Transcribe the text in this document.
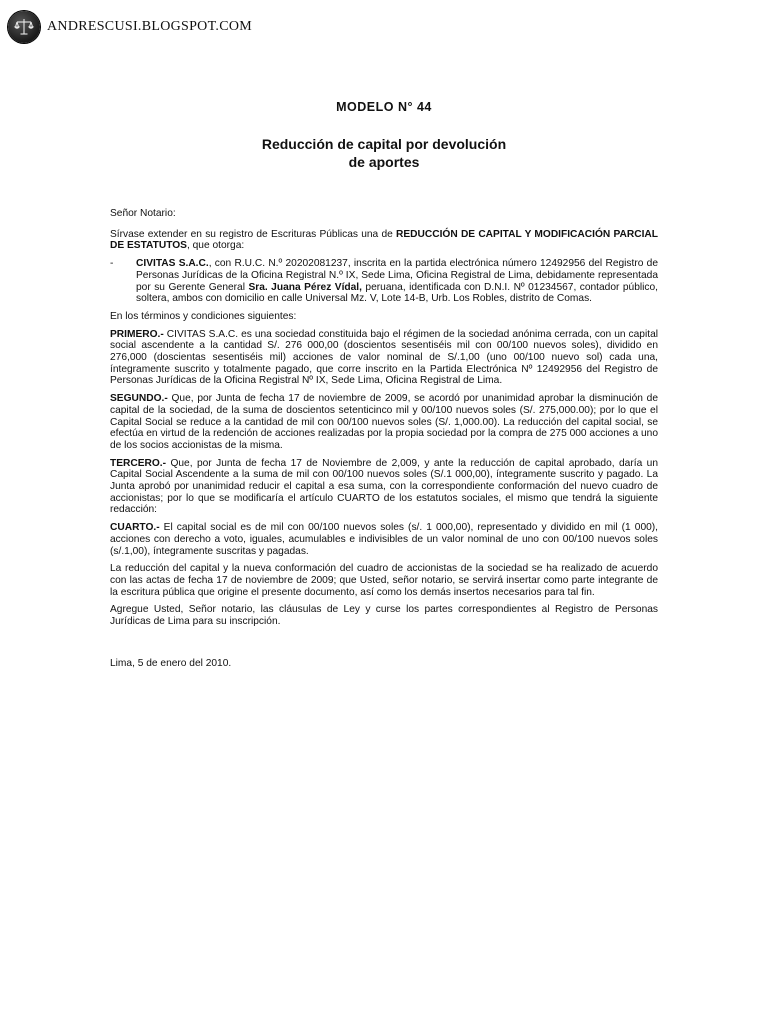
ANDRESCUSI.BLOGSPOT.COM
MODELO N° 44
Reducción de capital por devolución
de aportes

Señor Notario:

Sírvase extender en su registro de Escrituras Públicas una de REDUCCIÓN DE CAPITAL Y MODIFICACIÓN PARCIAL DE ESTATUTOS, que otorga:

-	CIVITAS S.A.C., con R.U.C. N.º 20202081237, inscrita en la partida electrónica número 12492956 del Registro de Personas Jurídicas de la Oficina Registral N.º IX, Sede Lima, Oficina Registral de Lima, debidamente representada por su Gerente General Sra. Juana Pérez Vídal, peruana, identificada con D.N.I. Nº 01234567, contador público, soltera, ambos con domicilio en calle Universal Mz. V, Lote 14-B, Urb. Los Robles, distrito de Comas.

En los términos y condiciones siguientes:

PRIMERO.- CIVITAS S.A.C. es una sociedad constituida bajo el régimen de la sociedad anónima cerrada, con un capital social ascendente a la cantidad S/. 276 000,00 (doscientos sesentiséis mil con 00/100 nuevos soles), dividido en 276,000 (doscientas sesentiséis mil) acciones de valor nominal de S/.1,00 (uno 00/100 nuevo sol) cada una, íntegramente suscrito y totalmente pagado, que corre inscrito en la Partida Electrónica Nº 12492956 del Registro de Personas Jurídicas de la Oficina Registral Nº IX, Sede Lima, Oficina Registral de Lima.

SEGUNDO.- Que, por Junta de fecha 17 de noviembre de 2009, se acordó por unanimidad aprobar la disminución de capital de la sociedad, de la suma de doscientos setenticinco mil y 00/100 nuevos soles (S/. 275,000.00); por lo que el Capital Social se reduce a la cantidad de mil con 00/100 nuevos soles (S/. 1,000.00). La reducción del capital social, se efectúa en virtud de la redención de acciones realizadas por la propia sociedad por la compra de 275 000 acciones a uno de los socios accionistas de la misma.

TERCERO.- Que, por Junta de fecha 17 de Noviembre de 2,009, y ante la reducción de capital aprobado, daría un Capital Social Ascendente a la suma de mil con 00/100 nuevos soles (S/.1 000,00), íntegramente suscrito y pagado. La Junta aprobó por unanimidad reducir el capital a esa suma, con la correspondiente conformación del nuevo cuadro de accionistas; por lo que se modificaría el artículo CUARTO de los estatutos sociales, el mismo que tendrá la siguiente redacción:

CUARTO.- El capital social es de mil con 00/100 nuevos soles (s/. 1 000,00), representado y dividido en mil (1 000), acciones con derecho a voto, iguales, acumulables e indivisibles de un valor nominal de uno con 00/100 nuevos soles (s/.1,00), íntegramente suscritas y pagadas.

La reducción del capital y la nueva conformación del cuadro de accionistas de la sociedad se ha realizado de acuerdo con las actas de fecha 17 de noviembre de 2009; que Usted, señor notario, se servirá insertar como parte integrante de la escritura pública que origine el presente documento, así como los demás insertos necesarios para tal fin.

Agregue Usted, Señor notario, las cláusulas de Ley y curse los partes correspondientes al Registro de Personas Jurídicas de Lima para su inscripción.

Lima, 5 de enero del 2010.
